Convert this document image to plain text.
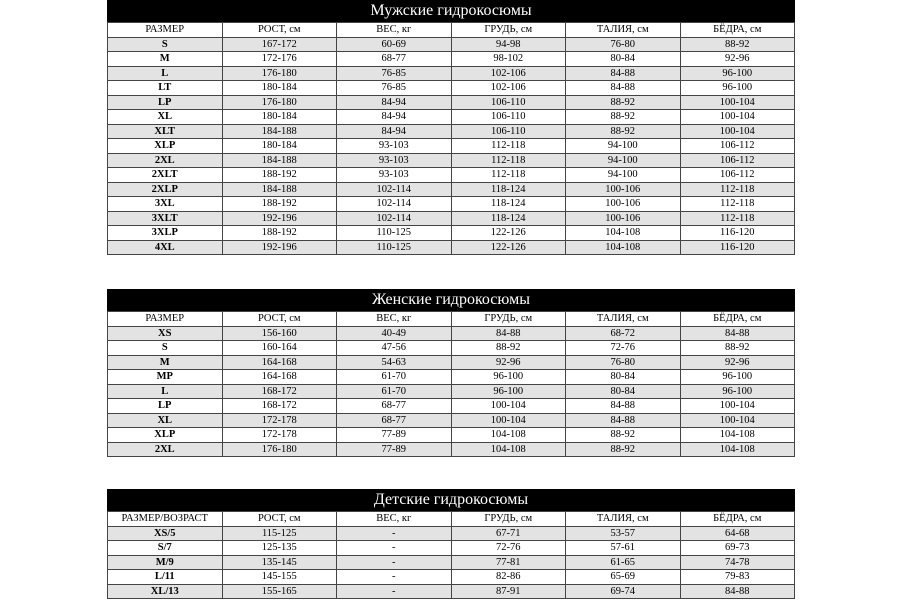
Мужские гидрокосюмы
РАЗМЕР	РОСТ, см	ВЕС, кг	ГРУДЬ, см	ТАЛИЯ, см	БЁДРА, см
S	167-172	60-69	94-98	76-80	88-92
M	172-176	68-77	98-102	80-84	92-96
L	176-180	76-85	102-106	84-88	96-100
LT	180-184	76-85	102-106	84-88	96-100
LP	176-180	84-94	106-110	88-92	100-104
XL	180-184	84-94	106-110	88-92	100-104
XLT	184-188	84-94	106-110	88-92	100-104
XLP	180-184	93-103	112-118	94-100	106-112
2XL	184-188	93-103	112-118	94-100	106-112
2XLT	188-192	93-103	112-118	94-100	106-112
2XLP	184-188	102-114	118-124	100-106	112-118
3XL	188-192	102-114	118-124	100-106	112-118
3XLT	192-196	102-114	118-124	100-106	112-118
3XLP	188-192	110-125	122-126	104-108	116-120
4XL	192-196	110-125	122-126	104-108	116-120
Женские гидрокосюмы
РАЗМЕР	РОСТ, см	ВЕС, кг	ГРУДЬ, см	ТАЛИЯ, см	БЁДРА, см
XS	156-160	40-49	84-88	68-72	84-88
S	160-164	47-56	88-92	72-76	88-92
M	164-168	54-63	92-96	76-80	92-96
MP	164-168	61-70	96-100	80-84	96-100
L	168-172	61-70	96-100	80-84	96-100
LP	168-172	68-77	100-104	84-88	100-104
XL	172-178	68-77	100-104	84-88	100-104
XLP	172-178	77-89	104-108	88-92	104-108
2XL	176-180	77-89	104-108	88-92	104-108
Детские гидрокосюмы
РАЗМЕР/ВОЗРАСТ	РОСТ, см	ВЕС, кг	ГРУДЬ, см	ТАЛИЯ, см	БЁДРА, см
XS/5	115-125	-	67-71	53-57	64-68
S/7	125-135	-	72-76	57-61	69-73
M/9	135-145	-	77-81	61-65	74-78
L/11	145-155	-	82-86	65-69	79-83
XL/13	155-165	-	87-91	69-74	84-88
